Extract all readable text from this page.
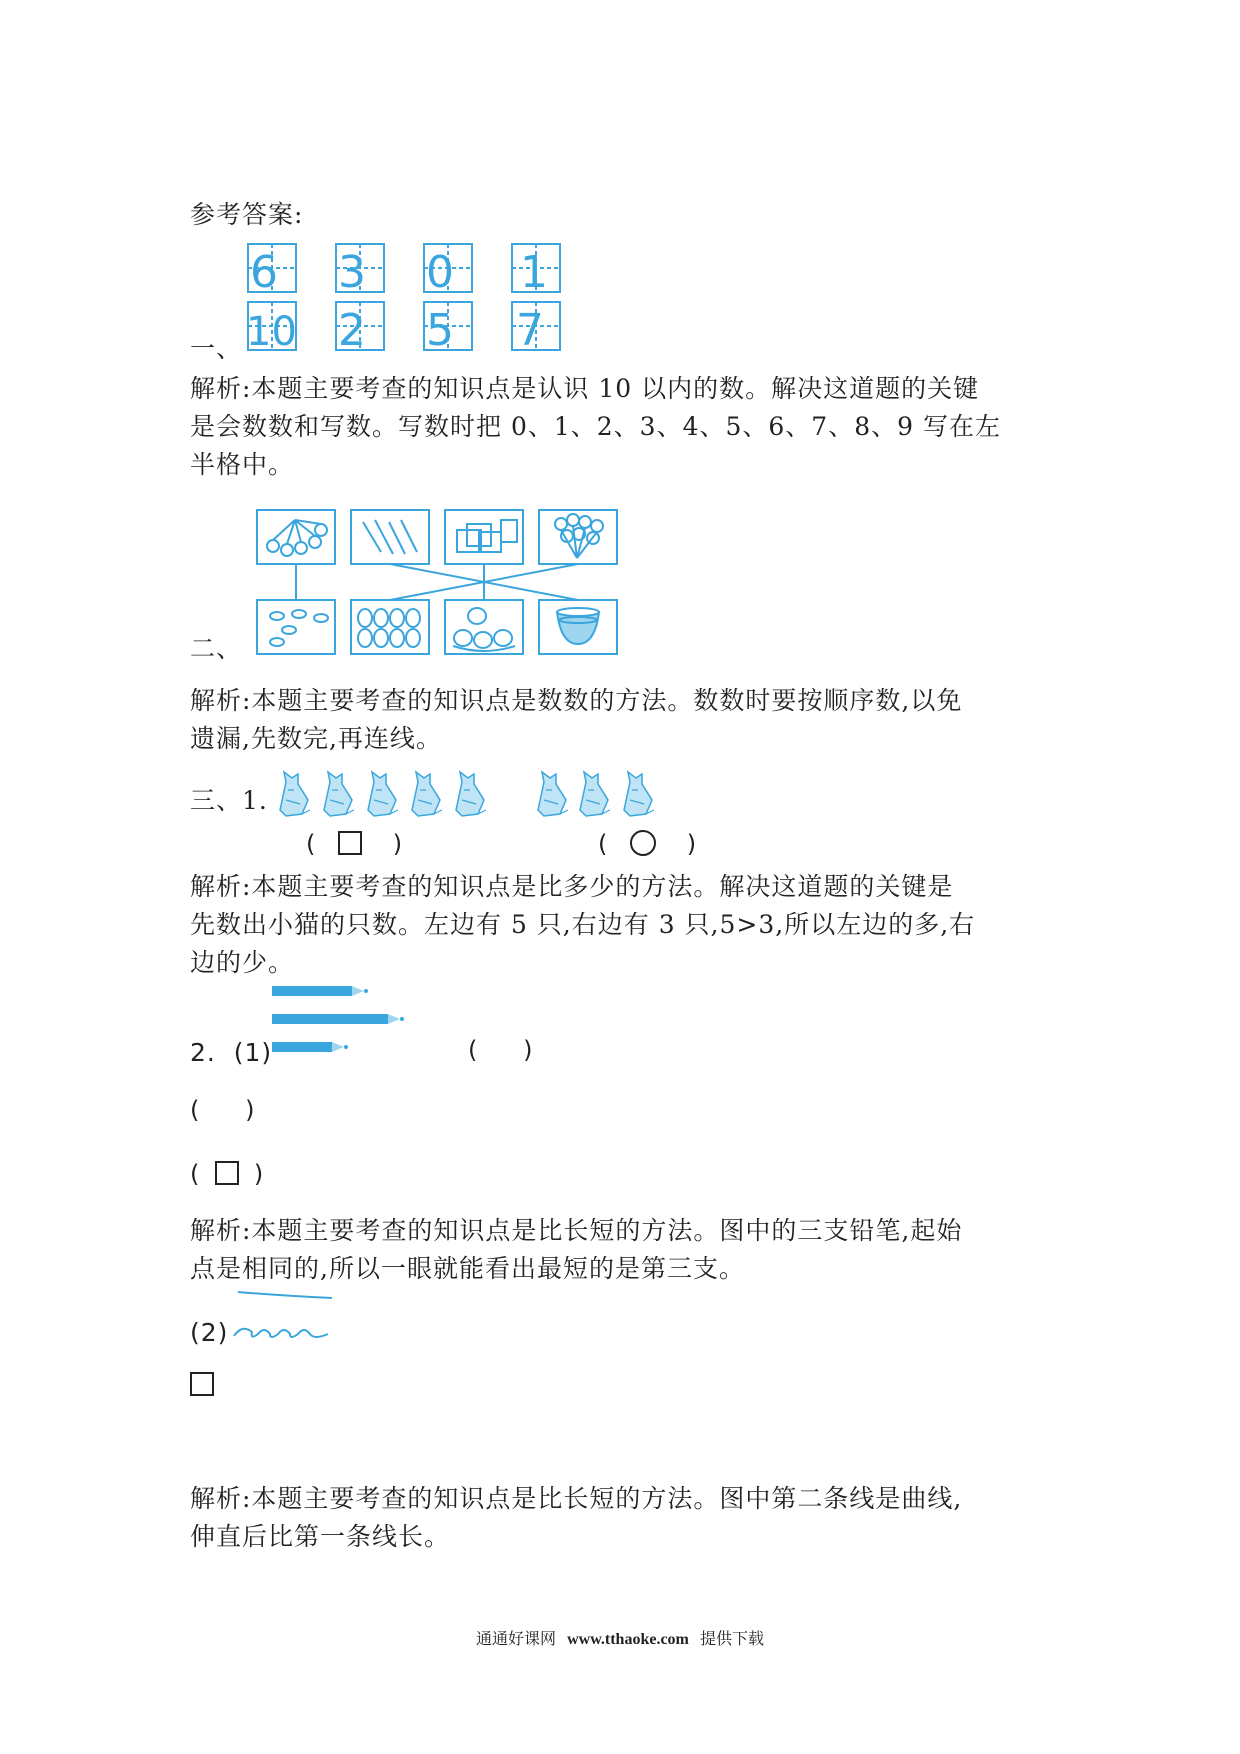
参考答案:
一、
6 3 0 1
10 2 5 7
解析:本题主要考查的知识点是认识 10 以内的数。解决这道题的关键
是会数数和写数。写数时把 0、1、2、3、4、5、6、7、8、9 写在左
半格中。
二、
解析:本题主要考查的知识点是数数的方法。数数时要按顺序数,以免
遗漏,先数完,再连线。
三、1.
(	)	( ○ )
解析:本题主要考查的知识点是比多少的方法。解决这道题的关键是
先数出小猫的只数。左边有 5 只,右边有 3 只,5>3,所以左边的多,右
边的少。
2. (1)	( )
( )
( )
解析:本题主要考查的知识点是比长短的方法。图中的三支铅笔,起始
点是相同的,所以一眼就能看出最短的是第三支。
(2)
解析:本题主要考查的知识点是比长短的方法。图中第二条线是曲线,
伸直后比第一条线长。
通通好课网 www.tthaoke.com 提供下载
